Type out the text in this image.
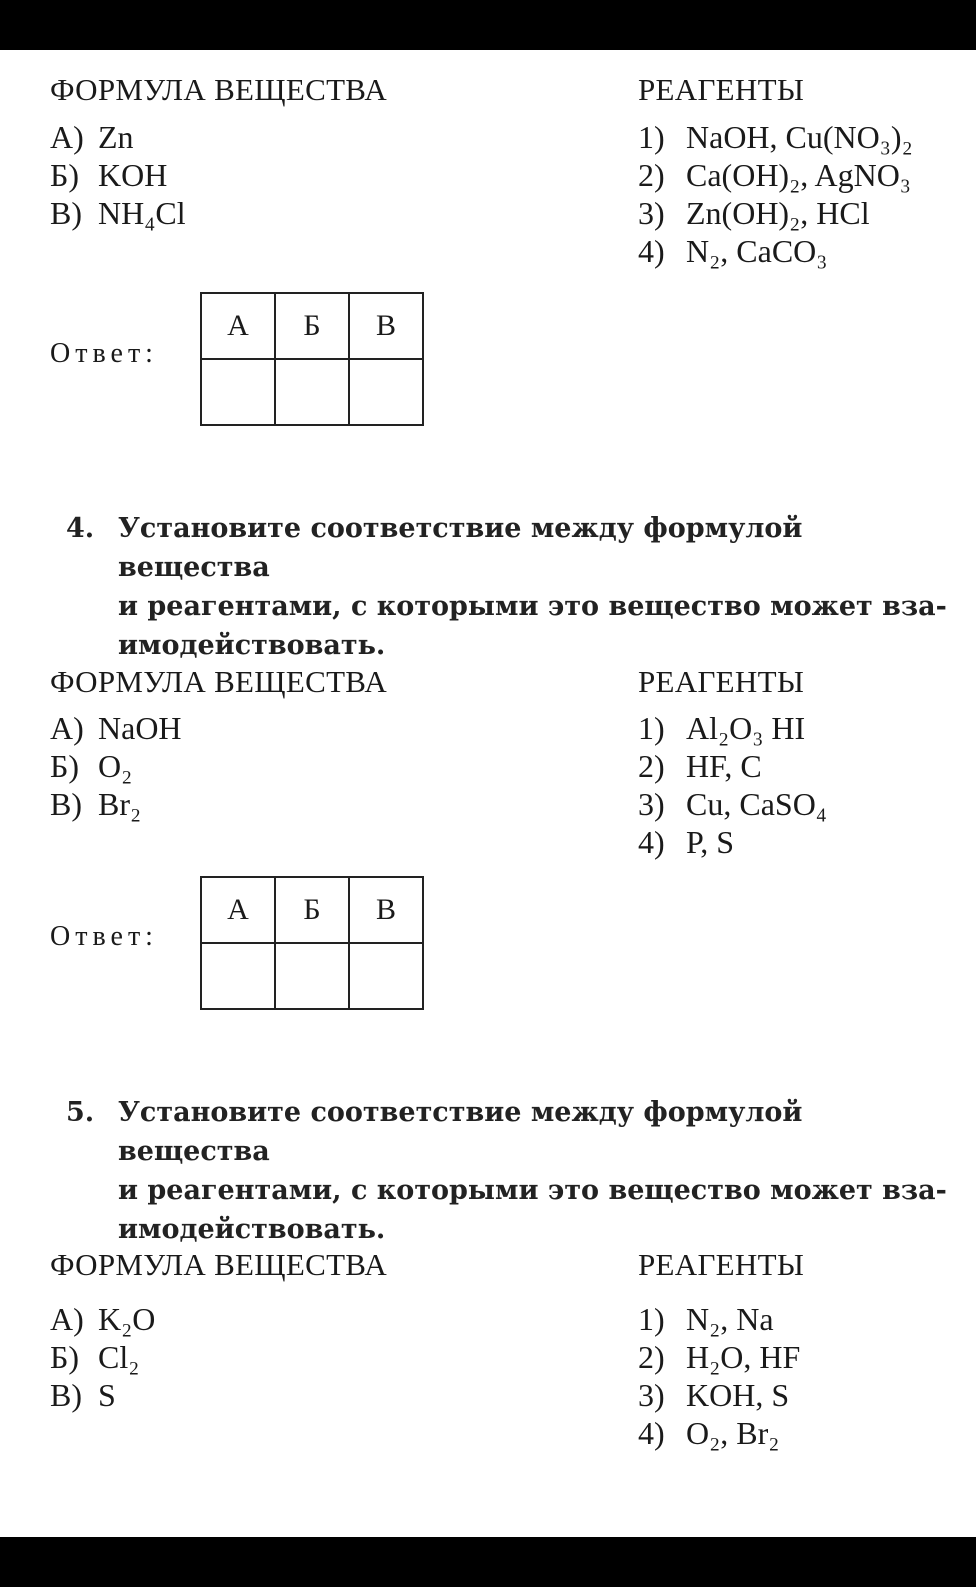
ФОРМУЛА ВЕЩЕСТВА	РЕАГЕНТЫ
А) Zn
Б) KOH
В) NH₄Cl
1) NaOH, Cu(NO₃)₂
2) Ca(OH)₂, AgNO₃
3) Zn(OH)₂, HCl
4) N₂, CaCO₃
Ответ:
А	Б	В

4. Установите соответствие между формулой вещества
и реагентами, с которыми это вещество может вза-
имодействовать.
ФОРМУЛА ВЕЩЕСТВА	РЕАГЕНТЫ
А) NaOH
Б) O₂
В) Br₂
1) Al₂O₃ HI
2) HF, C
3) Cu, CaSO₄
4) P, S
Ответ:
А	Б	В

5. Установите соответствие между формулой вещества
и реагентами, с которыми это вещество может вза-
имодействовать.
ФОРМУЛА ВЕЩЕСТВА	РЕАГЕНТЫ
А) K₂O
Б) Cl₂
В) S
1) N₂, Na
2) H₂O, HF
3) KOH, S
4) O₂, Br₂
